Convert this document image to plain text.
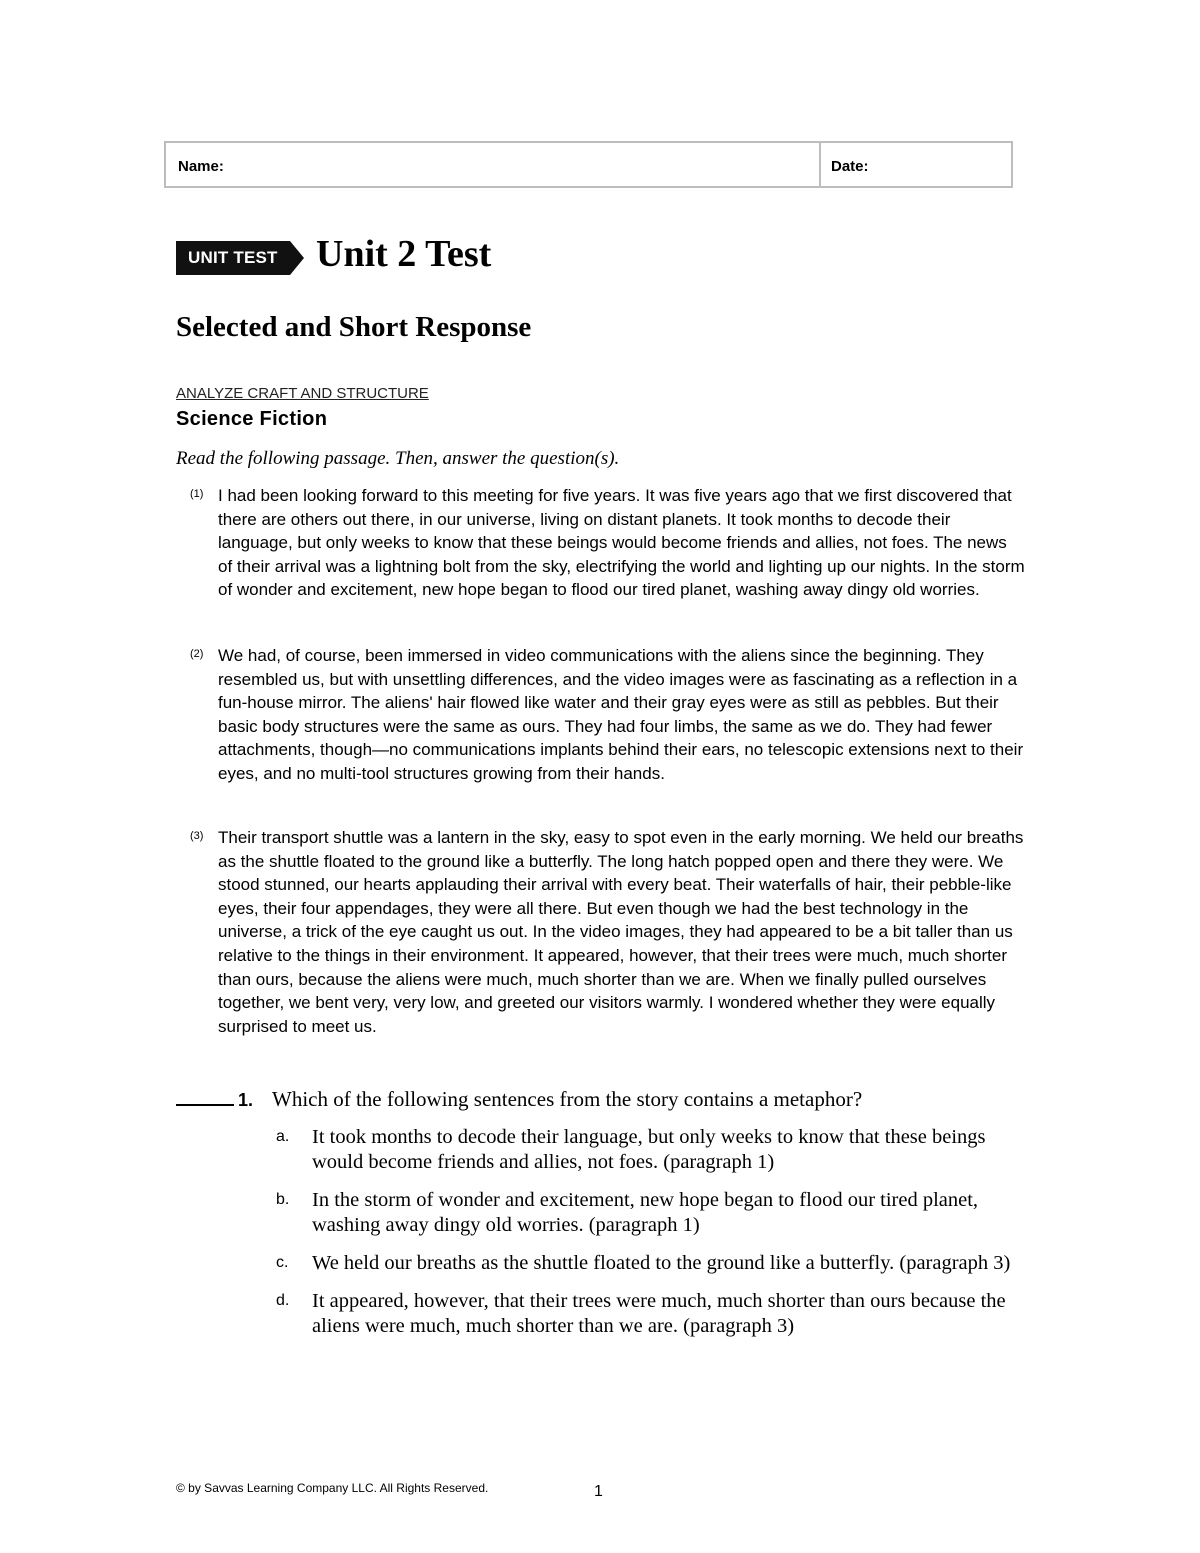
Name:	Date:
UNIT TEST Unit 2 Test
Selected and Short Response
ANALYZE CRAFT AND STRUCTURE
Science Fiction
Read the following passage. Then, answer the question(s).
(1) I had been looking forward to this meeting for five years. It was five years ago that we first discovered that there are others out there, in our universe, living on distant planets. It took months to decode their language, but only weeks to know that these beings would become friends and allies, not foes. The news of their arrival was a lightning bolt from the sky, electrifying the world and lighting up our nights. In the storm of wonder and excitement, new hope began to flood our tired planet, washing away dingy old worries.
(2) We had, of course, been immersed in video communications with the aliens since the beginning. They resembled us, but with unsettling differences, and the video images were as fascinating as a reflection in a fun-house mirror. The aliens' hair flowed like water and their gray eyes were as still as pebbles. But their basic body structures were the same as ours. They had four limbs, the same as we do. They had fewer attachments, though—no communications implants behind their ears, no telescopic extensions next to their eyes, and no multi-tool structures growing from their hands.
(3) Their transport shuttle was a lantern in the sky, easy to spot even in the early morning. We held our breaths as the shuttle floated to the ground like a butterfly. The long hatch popped open and there they were. We stood stunned, our hearts applauding their arrival with every beat. Their waterfalls of hair, their pebble-like eyes, their four appendages, they were all there. But even though we had the best technology in the universe, a trick of the eye caught us out. In the video images, they had appeared to be a bit taller than us relative to the things in their environment. It appeared, however, that their trees were much, much shorter than ours, because the aliens were much, much shorter than we are. When we finally pulled ourselves together, we bent very, very low, and greeted our visitors warmly. I wondered whether they were equally surprised to meet us.
1. Which of the following sentences from the story contains a metaphor?
a.	It took months to decode their language, but only weeks to know that these beings would become friends and allies, not foes. (paragraph 1)
b.	In the storm of wonder and excitement, new hope began to flood our tired planet, washing away dingy old worries. (paragraph 1)
c.	We held our breaths as the shuttle floated to the ground like a butterfly. (paragraph 3)
d.	It appeared, however, that their trees were much, much shorter than ours because the aliens were much, much shorter than we are. (paragraph 3)
© by Savvas Learning Company LLC. All Rights Reserved.	1
